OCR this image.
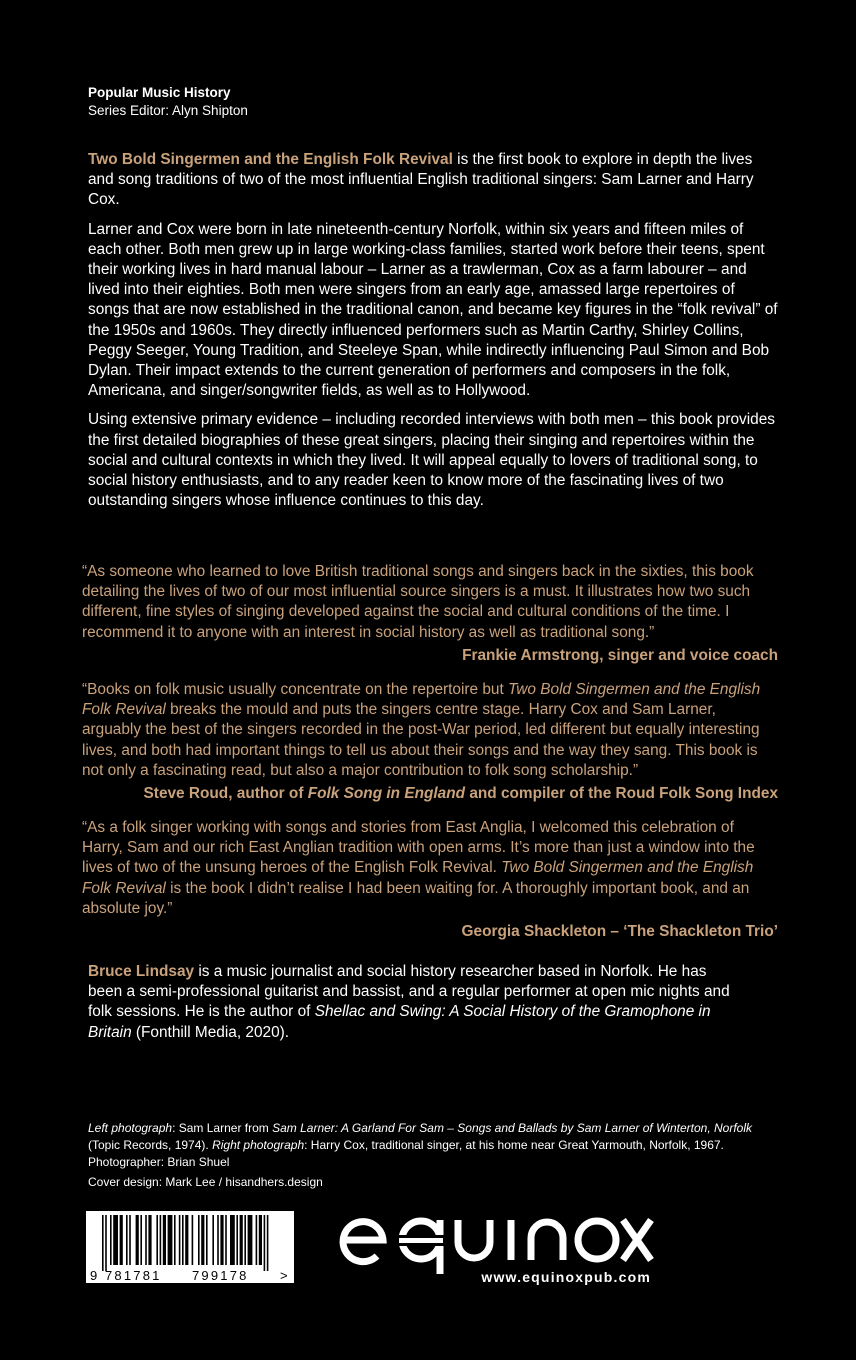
Popular Music History
Series Editor: Alyn Shipton

Two Bold Singermen and the English Folk Revival is the first book to explore in depth the lives and song traditions of two of the most influential English traditional singers: Sam Larner and Harry Cox.

Larner and Cox were born in late nineteenth-century Norfolk, within six years and fifteen miles of each other. Both men grew up in large working-class families, started work before their teens, spent their working lives in hard manual labour – Larner as a trawlerman, Cox as a farm labourer – and lived into their eighties. Both men were singers from an early age, amassed large repertoires of songs that are now established in the traditional canon, and became key figures in the “folk revival” of the 1950s and 1960s. They directly influenced performers such as Martin Carthy, Shirley Collins, Peggy Seeger, Young Tradition, and Steeleye Span, while indirectly influencing Paul Simon and Bob Dylan. Their impact extends to the current generation of performers and composers in the folk, Americana, and singer/songwriter fields, as well as to Hollywood.

Using extensive primary evidence – including recorded interviews with both men – this book provides the first detailed biographies of these great singers, placing their singing and repertoires within the social and cultural contexts in which they lived. It will appeal equally to lovers of traditional song, to social history enthusiasts, and to any reader keen to know more of the fascinating lives of two outstanding singers whose influence continues to this day.

“As someone who learned to love British traditional songs and singers back in the sixties, this book detailing the lives of two of our most influential source singers is a must. It illustrates how two such different, fine styles of singing developed against the social and cultural conditions of the time. I recommend it to anyone with an interest in social history as well as traditional song.”

Frankie Armstrong, singer and voice coach

“Books on folk music usually concentrate on the repertoire but Two Bold Singermen and the English Folk Revival breaks the mould and puts the singers centre stage. Harry Cox and Sam Larner, arguably the best of the singers recorded in the post-War period, led different but equally interesting lives, and both had important things to tell us about their songs and the way they sang. This book is not only a fascinating read, but also a major contribution to folk song scholarship.”

Steve Roud, author of Folk Song in England and compiler of the Roud Folk Song Index

“As a folk singer working with songs and stories from East Anglia, I welcomed this celebration of Harry, Sam and our rich East Anglian tradition with open arms. It’s more than just a window into the lives of two of the unsung heroes of the English Folk Revival. Two Bold Singermen and the English Folk Revival is the book I didn’t realise I had been waiting for. A thoroughly important book, and an absolute joy.”

Georgia Shackleton – ‘The Shackleton Trio’

Bruce Lindsay is a music journalist and social history researcher based in Norfolk. He has been a semi-professional guitarist and bassist, and a regular performer at open mic nights and folk sessions. He is the author of Shellac and Swing: A Social History of the Gramophone in Britain (Fonthill Media, 2020).

Left photograph: Sam Larner from Sam Larner: A Garland For Sam – Songs and Ballads by Sam Larner of Winterton, Norfolk (Topic Records, 1974). Right photograph: Harry Cox, traditional singer, at his home near Great Yarmouth, Norfolk, 1967. Photographer: Brian Shuel

Cover design: Mark Lee / hisandhers.design

9 781781 799178 >	www.equinoxpub.com
